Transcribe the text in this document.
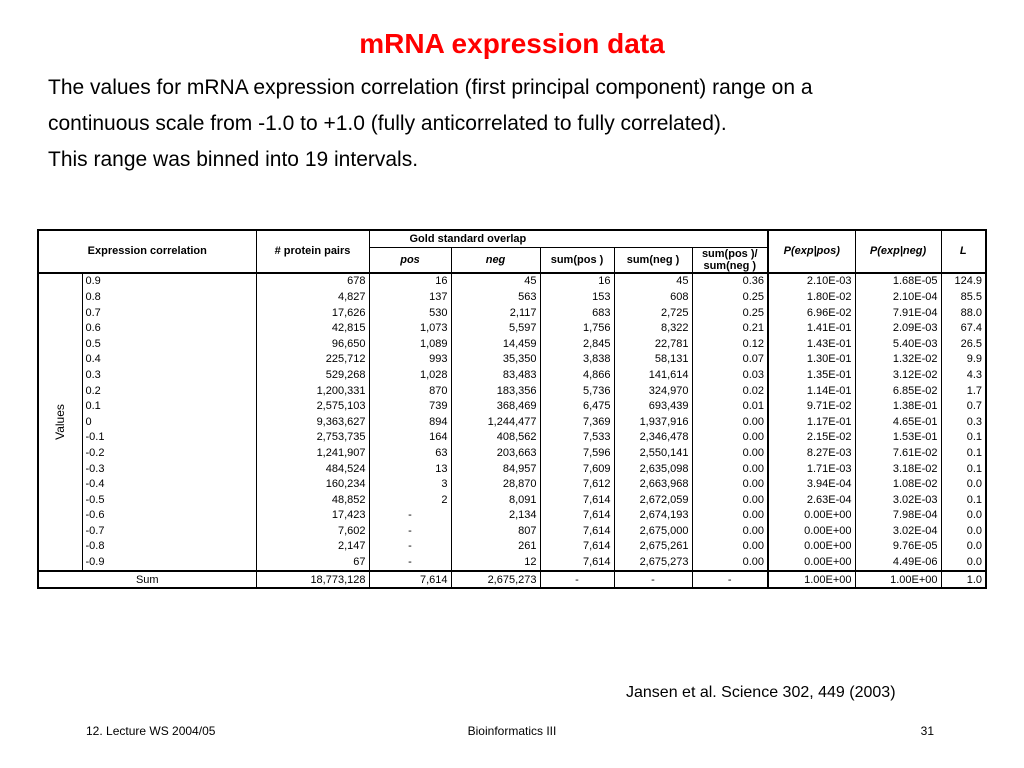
mRNA expression data
The values for mRNA expression correlation (first principal component) range on a
continuous scale from -1.0 to +1.0 (fully anticorrelated to fully correlated).
This range was binned into 19 intervals.
Expression correlation		# protein pairs	Gold standard overlap					P(exp|pos)	P(exp|neg)	L
			pos	neg	sum(pos )	sum(neg )	sum(pos )/
sum(neg )			

Values	0.9	678	16	45	16	45	0.36	2.10E-03	1.68E-05	124.9
	0.8	4,827	137	563	153	608	0.25	1.80E-02	2.10E-04	85.5
	0.7	17,626	530	2,117	683	2,725	0.25	6.96E-02	7.91E-04	88.0
	0.6	42,815	1,073	5,597	1,756	8,322	0.21	1.41E-01	2.09E-03	67.4
	0.5	96,650	1,089	14,459	2,845	22,781	0.12	1.43E-01	5.40E-03	26.5
	0.4	225,712	993	35,350	3,838	58,131	0.07	1.30E-01	1.32E-02	9.9
	0.3	529,268	1,028	83,483	4,866	141,614	0.03	1.35E-01	3.12E-02	4.3
	0.2	1,200,331	870	183,356	5,736	324,970	0.02	1.14E-01	6.85E-02	1.7
	0.1	2,575,103	739	368,469	6,475	693,439	0.01	9.71E-02	1.38E-01	0.7
	0	9,363,627	894	1,244,477	7,369	1,937,916	0.00	1.17E-01	4.65E-01	0.3
	-0.1	2,753,735	164	408,562	7,533	2,346,478	0.00	2.15E-02	1.53E-01	0.1
	-0.2	1,241,907	63	203,663	7,596	2,550,141	0.00	8.27E-03	7.61E-02	0.1
	-0.3	484,524	13	84,957	7,609	2,635,098	0.00	1.71E-03	3.18E-02	0.1
	-0.4	160,234	3	28,870	7,612	2,663,968	0.00	3.94E-04	1.08E-02	0.0
	-0.5	48,852	2	8,091	7,614	2,672,059	0.00	2.63E-04	3.02E-03	0.1
	-0.6	17,423	-	2,134	7,614	2,674,193	0.00	0.00E+00	7.98E-04	0.0
	-0.7	7,602	-	807	7,614	2,675,000	0.00	0.00E+00	3.02E-04	0.0
	-0.8	2,147	-	261	7,614	2,675,261	0.00	0.00E+00	9.76E-05	0.0
	-0.9	67	-	12	7,614	2,675,273	0.00	0.00E+00	4.49E-06	0.0
Sum		18,773,128	7,614	2,675,273	-	-	-	1.00E+00	1.00E+00	1.0
Jansen et al. Science 302, 449 (2003)
12. Lecture WS 2004/05	Bioinformatics III	31
